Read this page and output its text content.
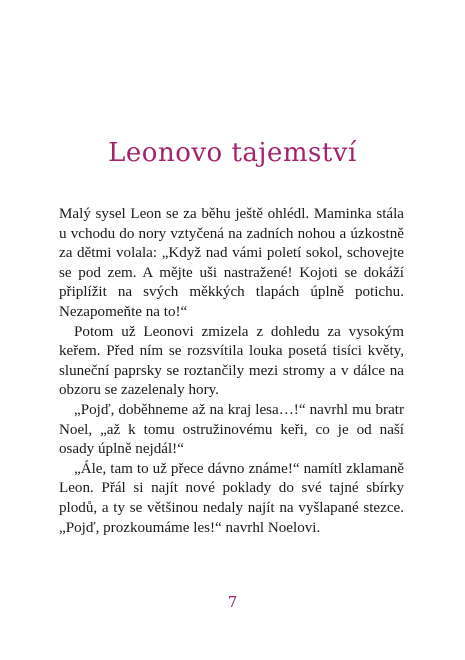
Leonovo tajemství

Malý sysel Leon se za běhu ještě ohlédl. Maminka stála u vchodu do nory vztyčená na zadních nohou a úzkostně za dětmi volala: „Když nad vámi poletí sokol, schovejte se pod zem. A mějte uši nastražené! Kojoti se dokáží připlížit na svých měkkých tlapách úplně potichu. Nezapomeňte na to!“

Potom už Leonovi zmizela z dohledu za vysokým keřem. Před ním se rozsvítila louka posetá tisíci květy, sluneční paprsky se roztančily mezi stromy a v dálce na obzoru se zazelenaly hory.

„Pojď, doběhneme až na kraj lesa…!“ navrhl mu bratr Noel, „až k tomu ostružinovému keři, co je od naší osady úplně nejdál!“

„Ále, tam to už přece dávno známe!“ namítl zklamaně Leon. Přál si najít nové poklady do své tajné sbírky plodů, a ty se většinou nedaly najít na vyšlapané stezce. „Pojď, prozkoumáme les!“ navrhl Noelovi.

7
